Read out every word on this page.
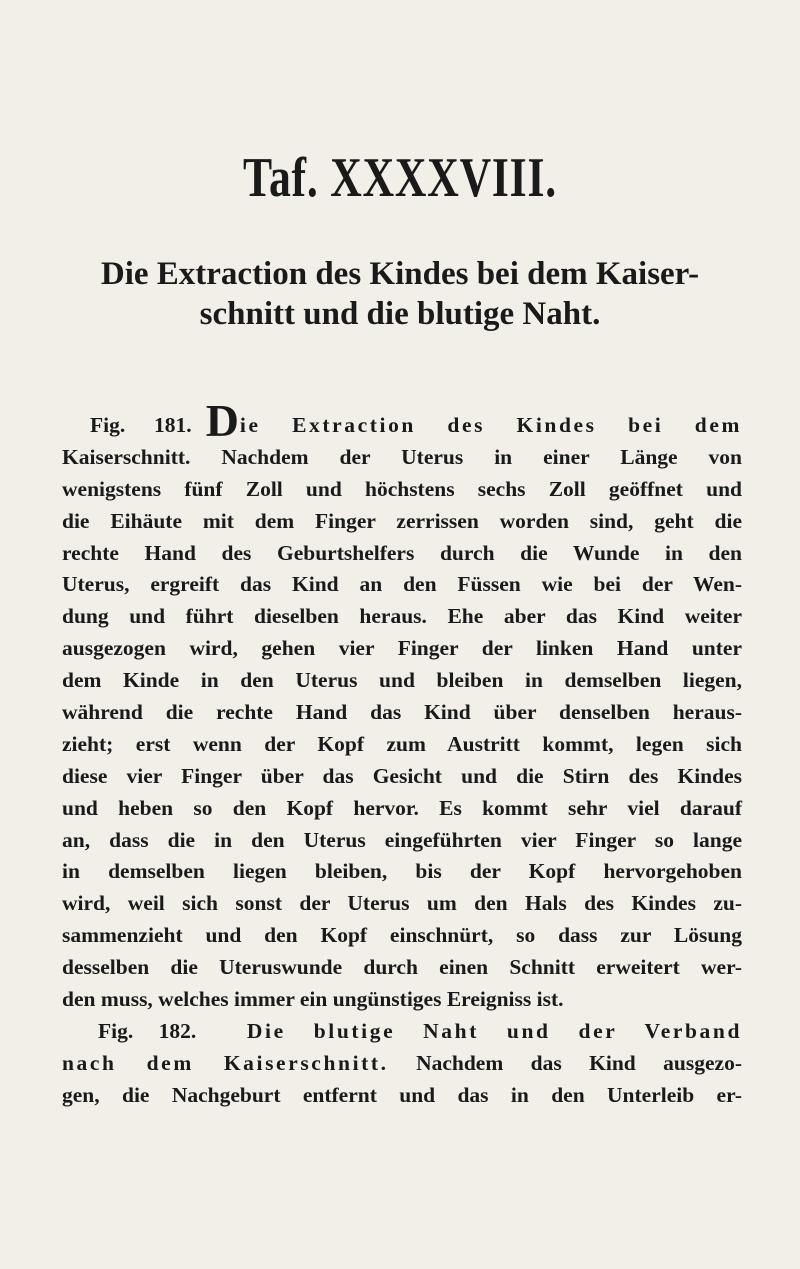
Taf. XXXXVIII.
Die Extraction des Kindes bei dem Kaiser-
schnitt und die blutige Naht.
Fig. 181. Die Extraction des Kindes bei dem
Kaiserschnitt. Nachdem der Uterus in einer Länge von
wenigstens fünf Zoll und höchstens sechs Zoll geöffnet und
die Eihäute mit dem Finger zerrissen worden sind, geht die
rechte Hand des Geburtshelfers durch die Wunde in den
Uterus, ergreift das Kind an den Füssen wie bei der Wen-
dung und führt dieselben heraus. Ehe aber das Kind weiter
ausgezogen wird, gehen vier Finger der linken Hand unter
dem Kinde in den Uterus und bleiben in demselben liegen,
während die rechte Hand das Kind über denselben heraus-
zieht; erst wenn der Kopf zum Austritt kommt, legen sich
diese vier Finger über das Gesicht und die Stirn des Kindes
und heben so den Kopf hervor. Es kommt sehr viel darauf
an, dass die in den Uterus eingeführten vier Finger so lange
in demselben liegen bleiben, bis der Kopf hervorgehoben
wird, weil sich sonst der Uterus um den Hals des Kindes zu-
sammenzieht und den Kopf einschnürt, so dass zur Lösung
desselben die Uteruswunde durch einen Schnitt erweitert wer-
den muss, welches immer ein ungünstiges Ereigniss ist.
Fig. 182. Die blutige Naht und der Verband
nach dem Kaiserschnitt. Nachdem das Kind ausgezo-
gen, die Nachgeburt entfernt und das in den Unterleib er-
